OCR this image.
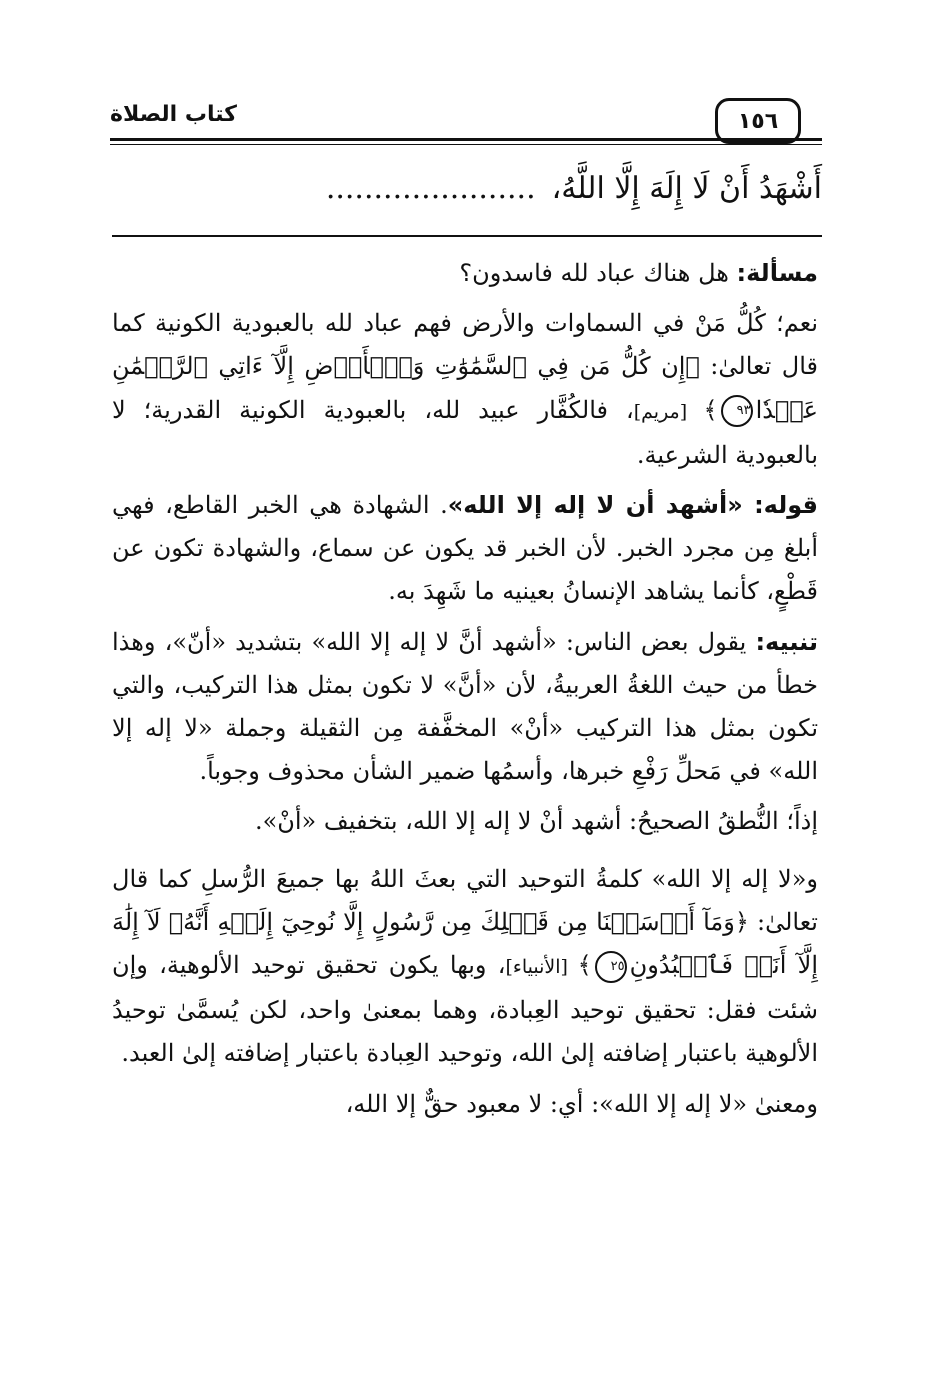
كتاب الصلاة	١٥٦
أَشْهَدُ أَنْ لَا إِلَهَ إِلَّا اللَّهُ،......................

مسألة: هل هناك عباد لله فاسدون؟

نعم؛ كُلُّ مَنْ في السماوات والأرض فهم عباد لله بالعبودية الكونية كما قال تعالىٰ: ﴿إِن كُلُّ مَن فِي ٱلسَّمَٰوَٰتِ وَٱلۡأَرۡضِ إِلَّآ ءَاتِي ٱلرَّحۡمَٰنِ عَبۡدٗا٩٣﴾ [مريم]، فالكُفَّار عبيد لله، بالعبودية الكونية القدرية؛ لا بالعبودية الشرعية.

قوله: «أشهد أن لا إله إلا الله». الشهادة هي الخبر القاطع، فهي أبلغ مِن مجرد الخبر. لأن الخبر قد يكون عن سماع، والشهادة تكون عن قَطْعٍ، كأنما يشاهد الإنسانُ بعينيه ما شَهِدَ به.

تنبيه: يقول بعض الناس: «أشهد أنَّ لا إله إلا الله» بتشديد «أنّ»، وهذا خطأ من حيث اللغةُ العربيةُ، لأن «أنَّ» لا تكون بمثل هذا التركيب، والتي تكون بمثل هذا التركيب «أنْ» المخفَّفة مِن الثقيلة وجملة «لا إله إلا الله» في مَحلِّ رَفْعِ خبرها، وأسمُها ضمير الشأن محذوف وجوباً.

إذاً؛ النُّطقُ الصحيحُ: أشهد أنْ لا إله إلا الله، بتخفيف «أنْ».

و«لا إله إلا الله» كلمةُ التوحيد التي بعثَ اللهُ بها جميعَ الرُّسلِ كما قال تعالىٰ: ﴿وَمَآ أَرۡسَلۡنَا مِن قَبۡلِكَ مِن رَّسُولٍ إِلَّا نُوحِيٓ إِلَيۡهِ أَنَّهُۥ لَآ إِلَٰهَ إِلَّآ أَنَا۠ فَٱعۡبُدُونِ٢٥﴾ [الأنبياء]، وبها يكون تحقيق توحيد الألوهية، وإن شئت فقل: تحقيق توحيد العِبادة، وهما بمعنىٰ واحد، لكن يُسمَّىٰ توحيدُ الألوهية باعتبار إضافته إلىٰ الله، وتوحيد العِبادة باعتبار إضافته إلىٰ العبد.

ومعنىٰ «لا إله إلا الله»: أي: لا معبود حقٌّ إلا الله،
